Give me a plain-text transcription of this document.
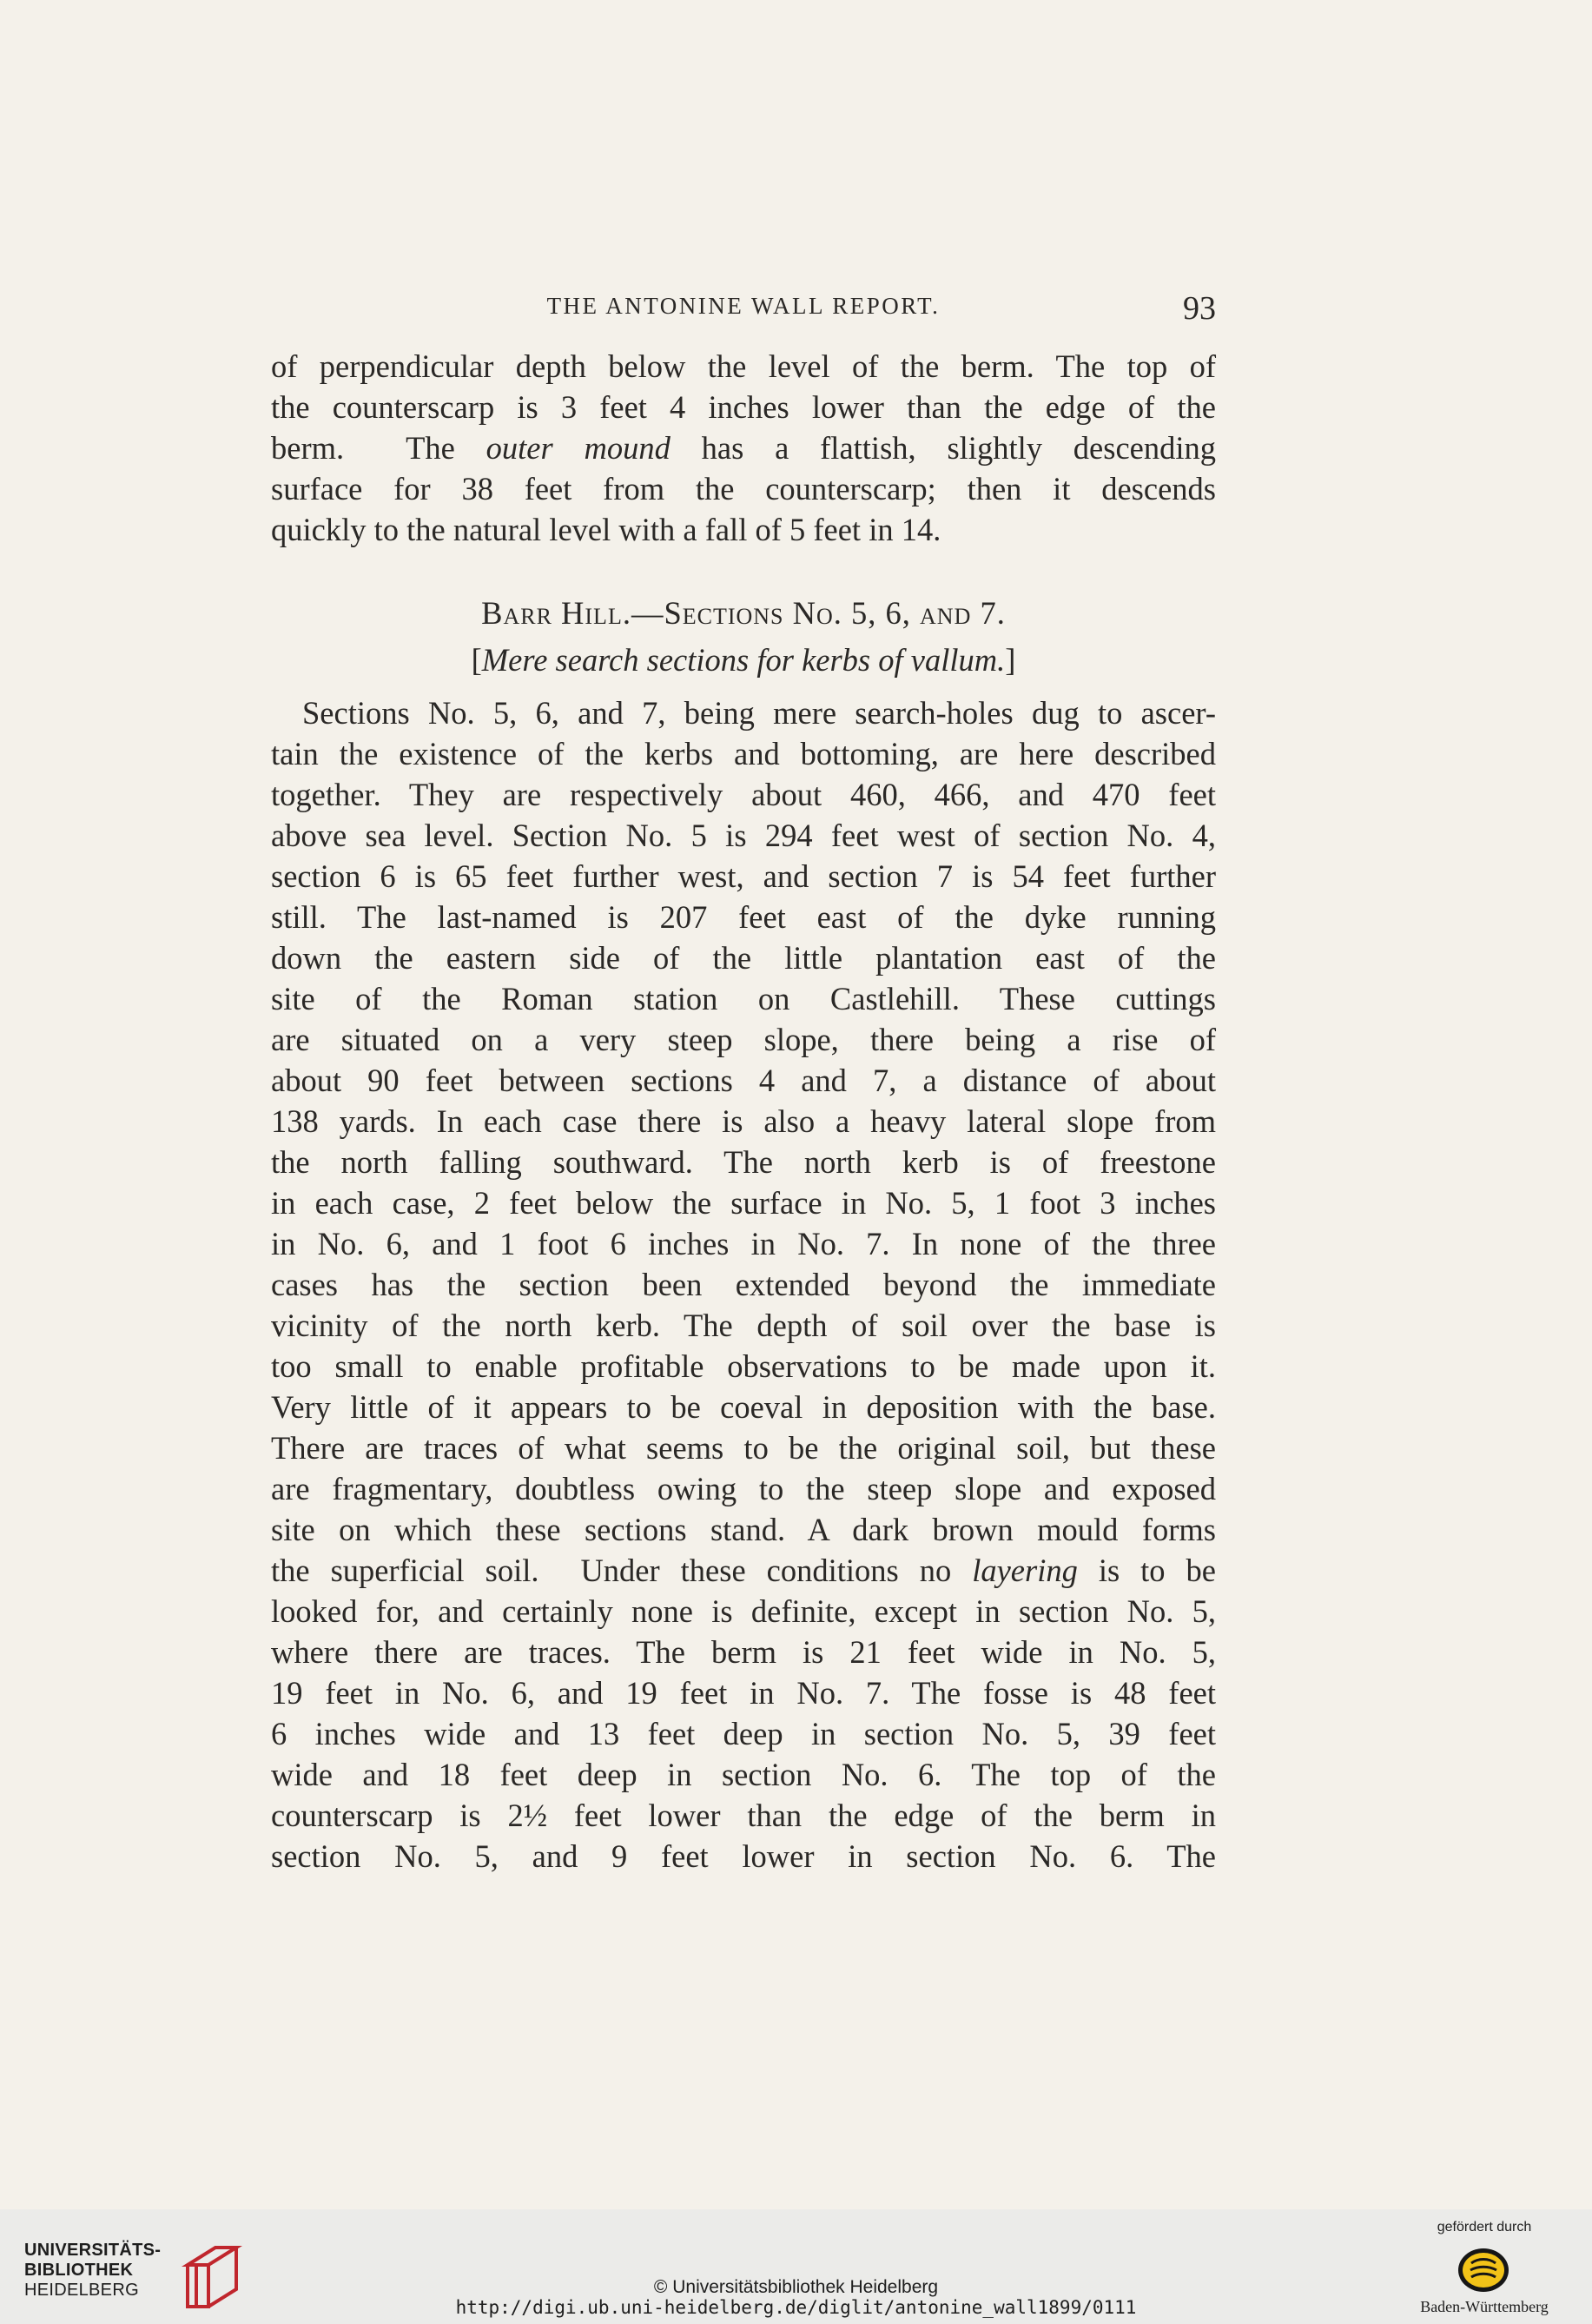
THE ANTONINE WALL REPORT.	93
of perpendicular depth below the level of the berm. The top of
the counterscarp is 3 feet 4 inches lower than the edge of the
berm.  The outer mound has a flattish, slightly descending
surface for 38 feet from the counterscarp; then it descends
quickly to the natural level with a fall of 5 feet in 14.
Barr Hill.—Sections No. 5, 6, and 7.
[Mere search sections for kerbs of vallum.]
Sections No. 5, 6, and 7, being mere search-holes dug to ascer-
tain the existence of the kerbs and bottoming, are here described
together. They are respectively about 460, 466, and 470 feet
above sea level. Section No. 5 is 294 feet west of section No. 4,
section 6 is 65 feet further west, and section 7 is 54 feet further
still. The last-named is 207 feet east of the dyke running
down the eastern side of the little plantation east of the
site of the Roman station on Castlehill. These cuttings
are situated on a very steep slope, there being a rise of
about 90 feet between sections 4 and 7, a distance of about
138 yards. In each case there is also a heavy lateral slope from
the north falling southward. The north kerb is of freestone
in each case, 2 feet below the surface in No. 5, 1 foot 3 inches
in No. 6, and 1 foot 6 inches in No. 7. In none of the three
cases has the section been extended beyond the immediate
vicinity of the north kerb. The depth of soil over the base is
too small to enable profitable observations to be made upon it.
Very little of it appears to be coeval in deposition with the base.
There are traces of what seems to be the original soil, but these
are fragmentary, doubtless owing to the steep slope and exposed
site on which these sections stand. A dark brown mould forms
the superficial soil.  Under these conditions no layering is to be
looked for, and certainly none is definite, except in section No. 5,
where there are traces. The berm is 21 feet wide in No. 5,
19 feet in No. 6, and 19 feet in No. 7. The fosse is 48 feet
6 inches wide and 13 feet deep in section No. 5, 39 feet
wide and 18 feet deep in section No. 6. The top of the
counterscarp is 2½ feet lower than the edge of the berm in
section No. 5, and 9 feet lower in section No. 6. The
UNIVERSITÄTS-
BIBLIOTHEK
HEIDELBERG	© Universitätsbibliothek Heidelberg
http://digi.ub.uni-heidelberg.de/diglit/antonine_wall1899/0111
gefördert durch
Baden-Württemberg
